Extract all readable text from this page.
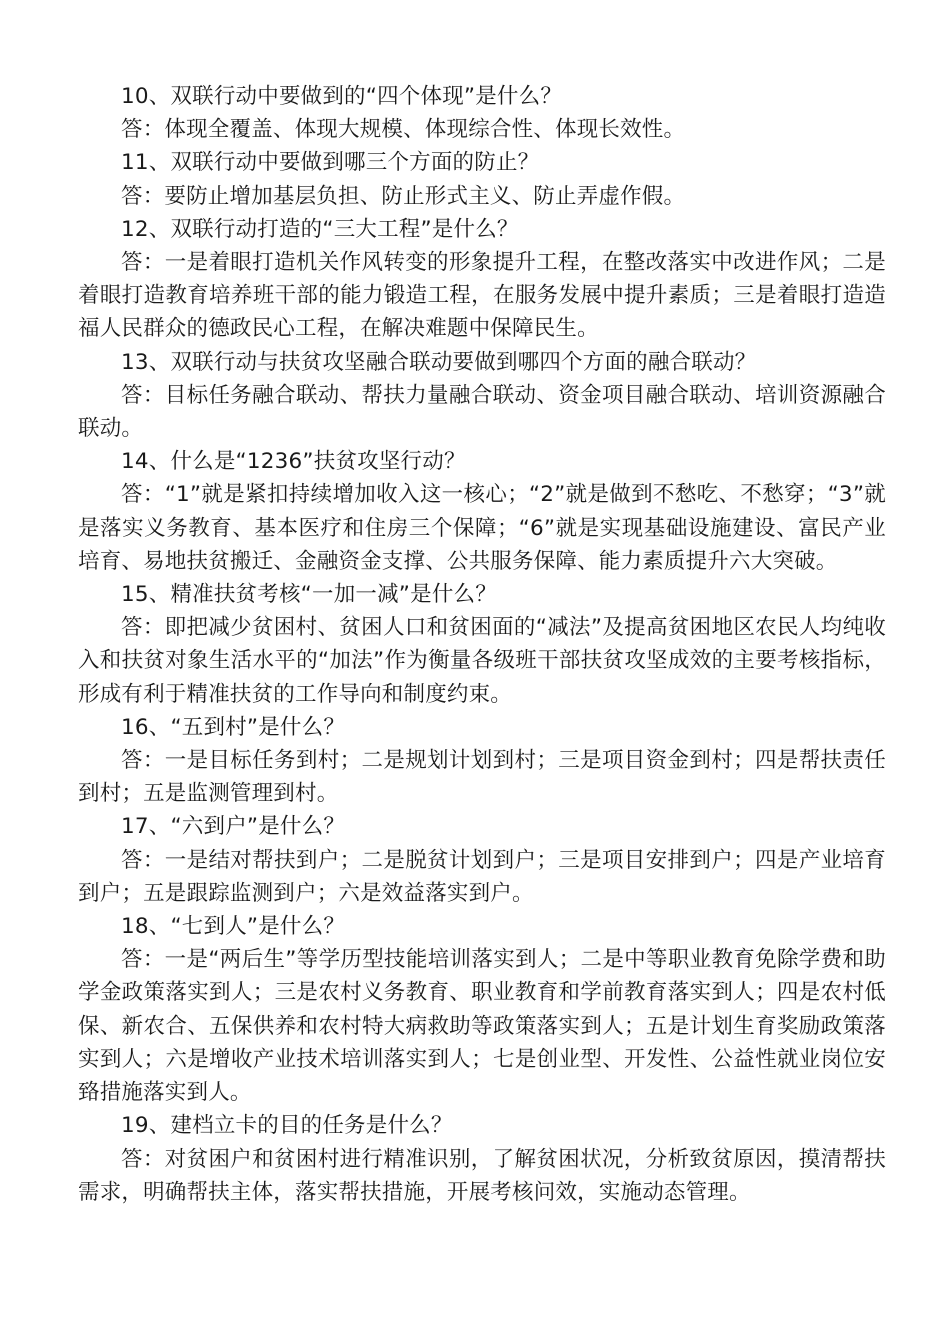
10、双联行动中要做到的“四个体现”是什么？

答：体现全覆盖、体现大规模、体现综合性、体现长效性。

11、双联行动中要做到哪三个方面的防止？

答：要防止增加基层负担、防止形式主义、防止弄虚作假。

12、双联行动打造的“三大工程”是什么？

答：一是着眼打造机关作风转变的形象提升工程，在整改落实中改进作风；二是着眼打造教育培养班干部的能力锻造工程，在服务发展中提升素质；三是着眼打造造福人民群众的德政民心工程，在解决难题中保障民生。

13、双联行动与扶贫攻坚融合联动要做到哪四个方面的融合联动？

答：目标任务融合联动、帮扶力量融合联动、资金项目融合联动、培训资源融合联动。

14、什么是“1236”扶贫攻坚行动？

答：“1”就是紧扣持续增加收入这一核心；“2”就是做到不愁吃、不愁穿；“3”就是落实义务教育、基本医疗和住房三个保障；“6”就是实现基础设施建设、富民产业培育、易地扶贫搬迁、金融资金支撑、公共服务保障、能力素质提升六大突破。

15、精准扶贫考核“一加一减”是什么？

答：即把减少贫困村、贫困人口和贫困面的“减法”及提高贫困地区农民人均纯收入和扶贫对象生活水平的“加法”作为衡量各级班干部扶贫攻坚成效的主要考核指标，形成有利于精准扶贫的工作导向和制度约束。

16、“五到村”是什么？

答：一是目标任务到村；二是规划计划到村；三是项目资金到村；四是帮扶责任到村；五是监测管理到村。

17、“六到户”是什么？

答：一是结对帮扶到户；二是脱贫计划到户；三是项目安排到户；四是产业培育到户；五是跟踪监测到户；六是效益落实到户。

18、“七到人”是什么？

答：一是“两后生”等学历型技能培训落实到人；二是中等职业教育免除学费和助学金政策落实到人；三是农村义务教育、职业教育和学前教育落实到人；四是农村低保、新农合、五保供养和农村特大病救助等政策落实到人；五是计划生育奖励政策落实到人；六是增收产业技术培训落实到人；七是创业型、开发性、公益性就业岗位安臵措施落实到人。

19、建档立卡的目的任务是什么？

答：对贫困户和贫困村进行精准识别，了解贫困状况，分析致贫原因，摸清帮扶需求，明确帮扶主体，落实帮扶措施，开展考核问效，实施动态管理。
